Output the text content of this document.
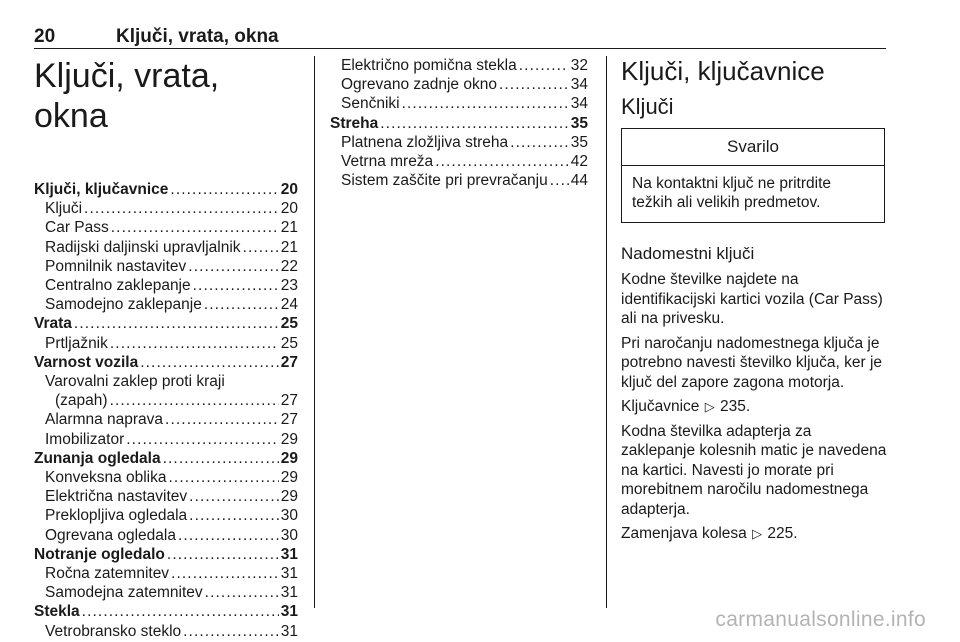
20	Ključi, vrata, okna
Ključi, vrata, okna
Ključi, ključavnice . . .	20
Ključi . . .	20
Car Pass . . .	21
Radijski daljinski upravljalnik . . .	21
Pomnilnik nastavitev . . .	22
Centralno zaklepanje . . .	23
Samodejno zaklepanje . . .	24
Vrata . . .	25
Prtljažnik . . .	25
Varnost vozila . . .	27
Varovalni zaklep proti kraji
(zapah) . . .	27
Alarmna naprava . . .	27
Imobilizator . . .	29
Zunanja ogledala . . .	29
Konveksna oblika . . .	29
Električna nastavitev . . .	29
Preklopljiva ogledala . . .	30
Ogrevana ogledala . . .	30
Notranje ogledalo . . .	31
Ročna zatemnitev . . .	31
Samodejna zatemnitev . . .	31
Stekla . . .	31
Vetrobransko steklo . . .	31
Električno pomična stekla . . .	32
Ogrevano zadnje okno . . .	34
Senčniki . . .	34
Streha . . .	35
Platnena zložljiva streha . . .	35
Vetrna mreža . . .	42
Sistem zaščite pri prevračanju . . . 44
Ključi, ključavnice
Ključi
Svarilo
Na kontaktni ključ ne pritrdite težkih ali velikih predmetov.
Nadomestni ključi

Kodne številke najdete na identifikacijski kartici vozila (Car Pass) ali na privesku.

Pri naročanju nadomestnega ključa je potrebno navesti številko ključa, ker je ključ del zapore zagona motorja.

Ključavnice ▷ 235.

Kodna številka adapterja za zaklepanje kolesnih matic je navedena na kartici. Navesti jo morate pri morebitnem naročilu nadomestnega adapterja.

Zamenjava kolesa ▷ 225.

carmanualsonline.info
